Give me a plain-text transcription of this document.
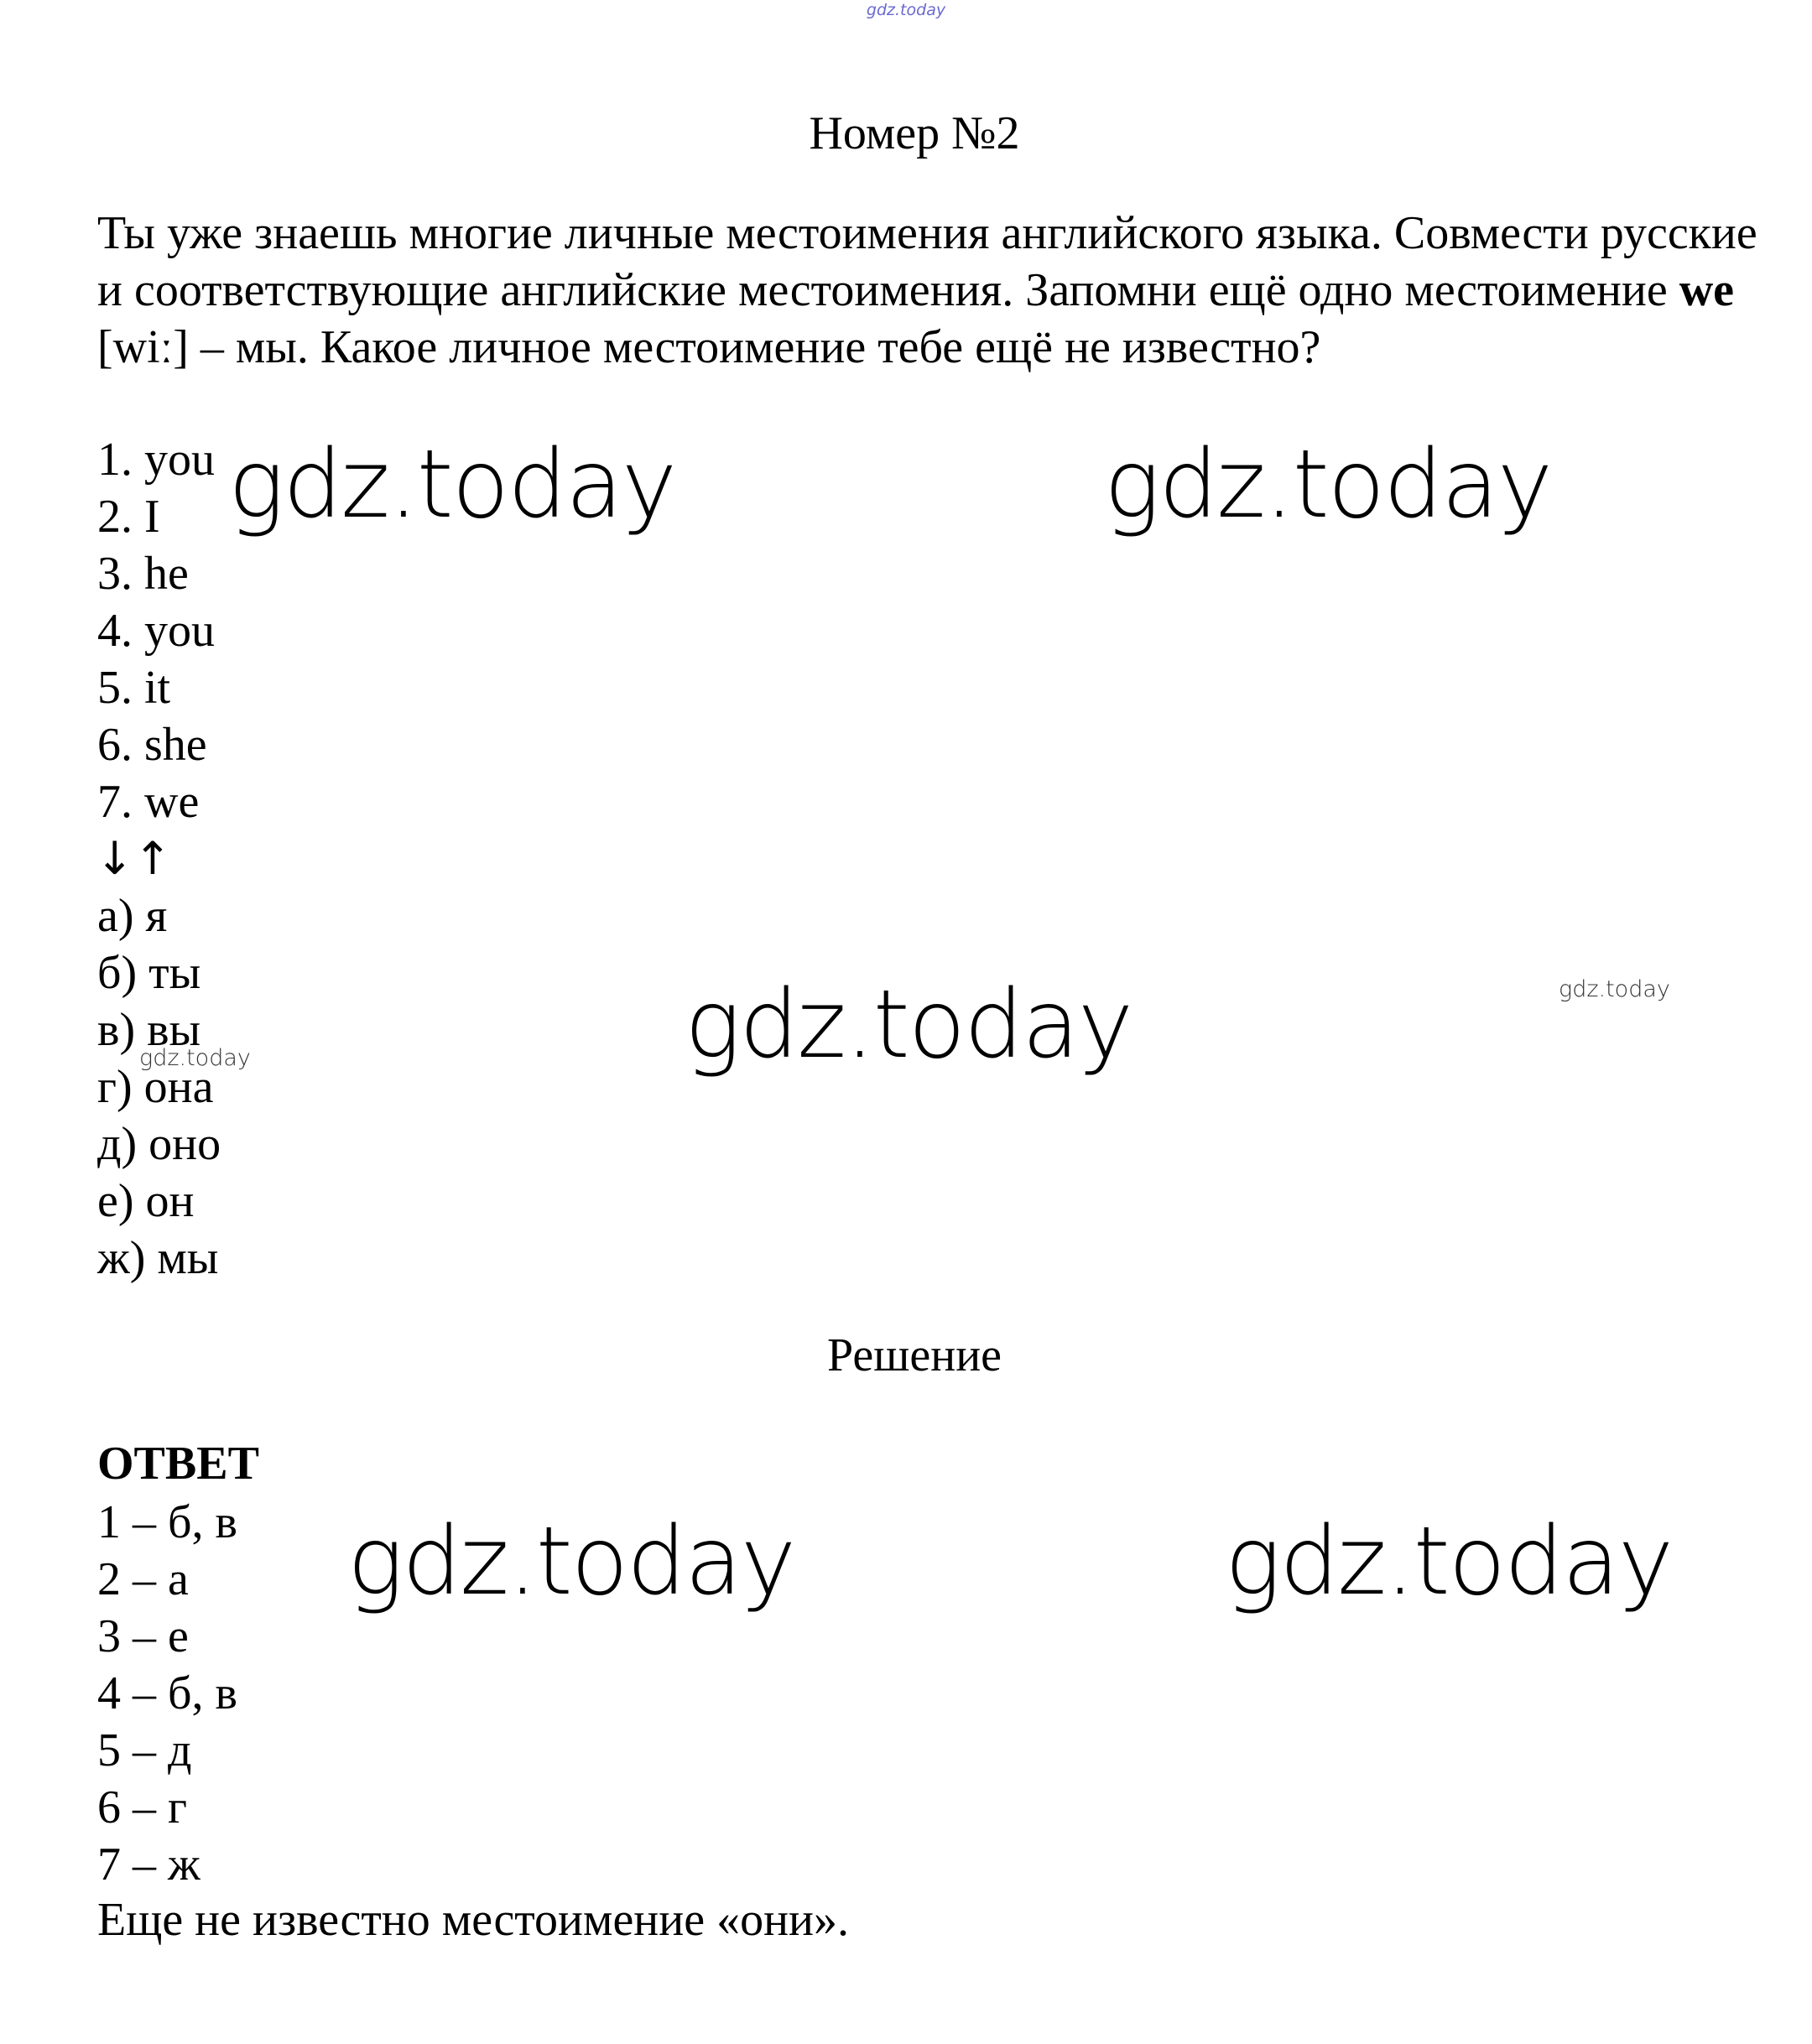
gdz.today
Номер №2
Ты уже знаешь многие личные местоимения английского языка. Совмести русские и соответствующие английские местоимения. Запомни ещё одно местоимение we [wiː] – мы. Какое личное местоимение тебе ещё не известно?
1. you
2. I
3. he
4. you
5. it
6. she
7. we
↓↑
а) я
б) ты
в) вы
г) она
д) оно
е) он
ж) мы
Решение
ОТВЕТ
1 – б, в
2 – а
3 – е
4 – б, в
5 – д
6 – г
7 – ж
Еще не известно местоимение «они».
gdz.today	gdz.today
gdz.today	gdz.today
gdz.today
gdz.today	gdz.today
